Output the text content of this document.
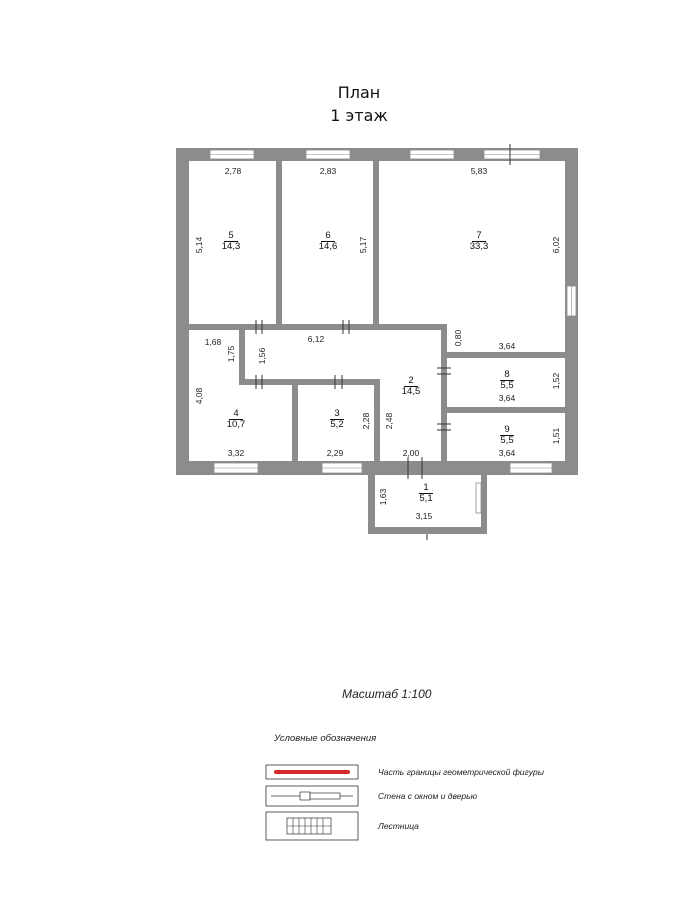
План
1 этаж
1
5,1
2
14,5
3
5,2
4
10,7
5
14,3
6
14,6
7
33,3
8
5,5
9
5,5
2,78
5,14
2,83
5,17
5,83
6,02
3,64
0,80
6,12
1,56
1,68
1,75
4,08
3,32	2,29
2,28 2,48
2,00
3,64
1,52
3,64
1,51
1,63
3,15
Масштаб 1:100
Условные обозначения
Часть границы геометрической фигуры
Стена с окном и дверью
Лестница
